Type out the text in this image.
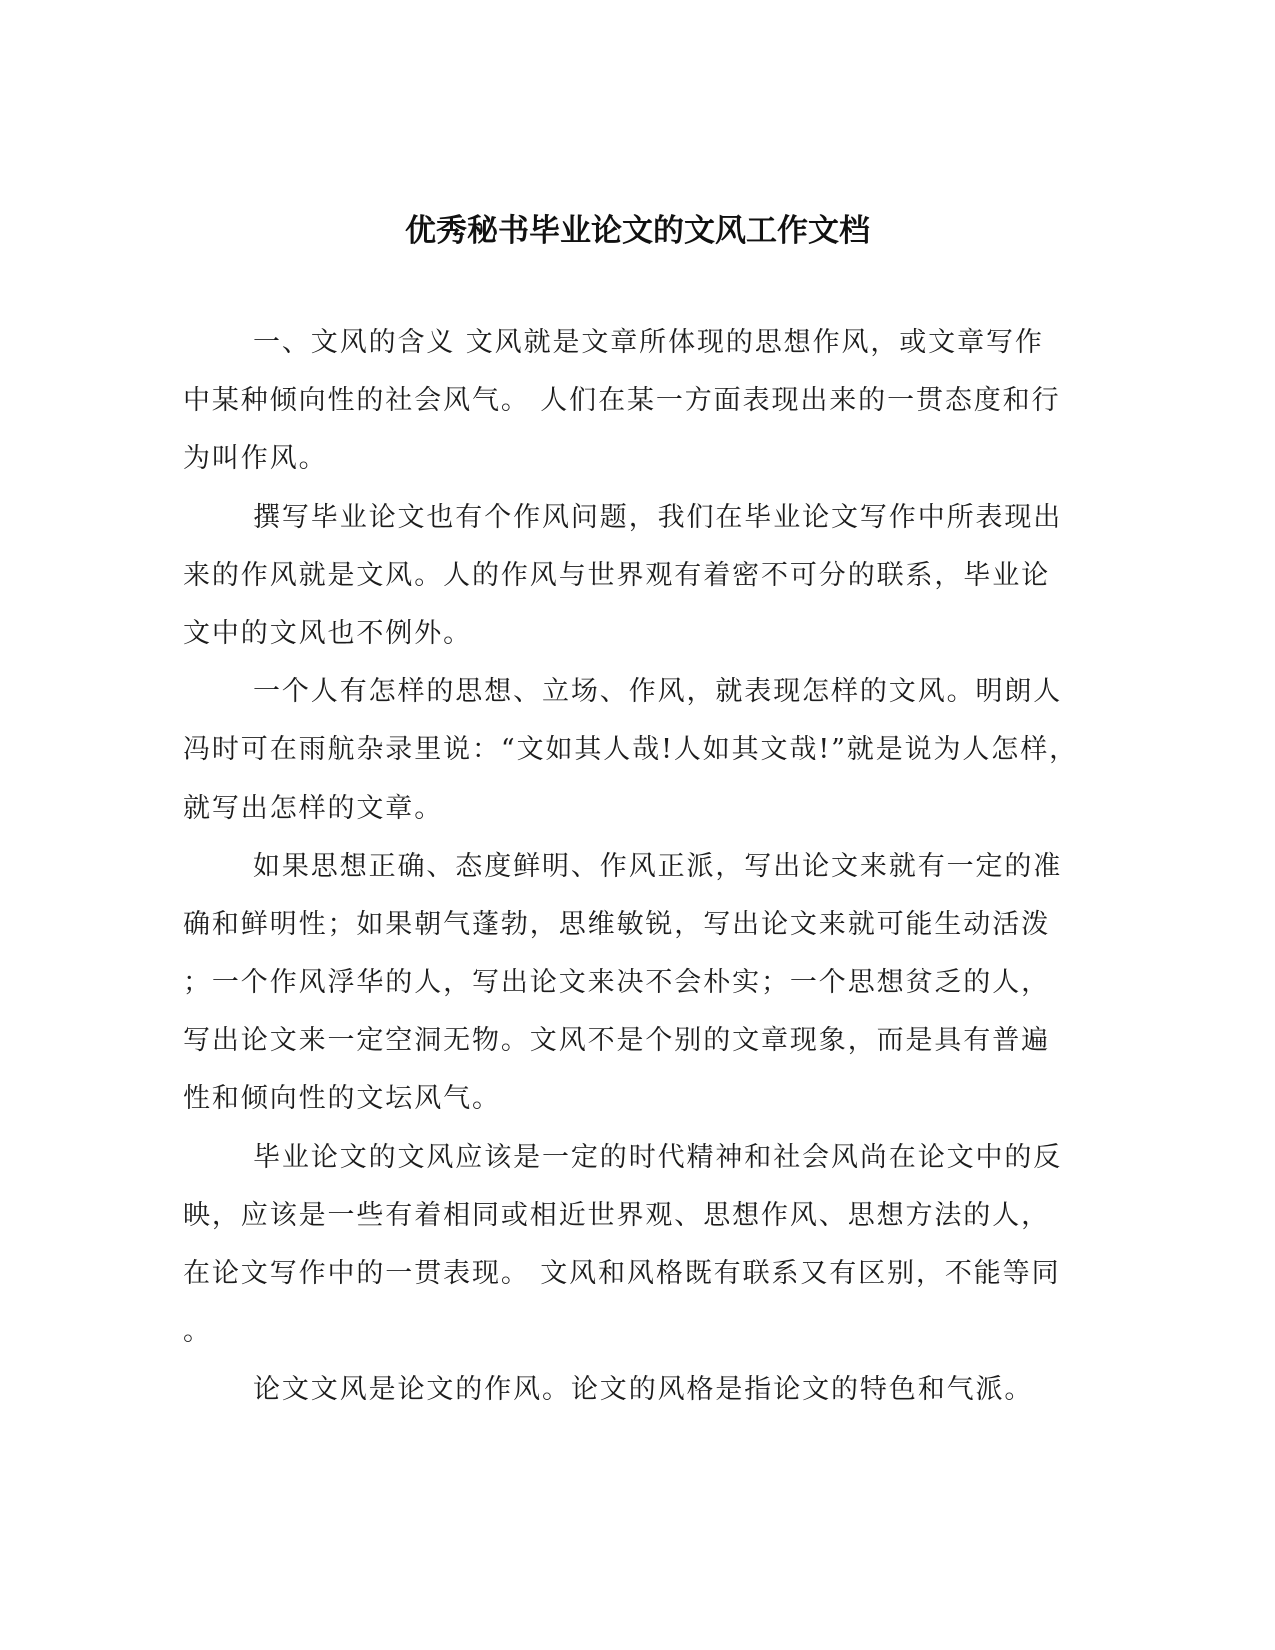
优秀秘书毕业论文的文风工作文档
一、文风的含义 文风就是文章所体现的思想作风，或文章写作
中某种倾向性的社会风气。 人们在某一方面表现出来的一贯态度和行
为叫作风。
撰写毕业论文也有个作风问题，我们在毕业论文写作中所表现出
来的作风就是文风。人的作风与世界观有着密不可分的联系，毕业论
文中的文风也不例外。
一个人有怎样的思想、立场、作风，就表现怎样的文风。明朗人
冯时可在雨航杂录里说：“文如其人哉!人如其文哉!”就是说为人怎样，
就写出怎样的文章。
如果思想正确、态度鲜明、作风正派，写出论文来就有一定的准
确和鲜明性；如果朝气蓬勃，思维敏锐，写出论文来就可能生动活泼
；一个作风浮华的人，写出论文来决不会朴实；一个思想贫乏的人，
写出论文来一定空洞无物。文风不是个别的文章现象，而是具有普遍
性和倾向性的文坛风气。
毕业论文的文风应该是一定的时代精神和社会风尚在论文中的反
映，应该是一些有着相同或相近世界观、思想作风、思想方法的人，
在论文写作中的一贯表现。 文风和风格既有联系又有区别，不能等同
。
论文文风是论文的作风。论文的风格是指论文的特色和气派。
